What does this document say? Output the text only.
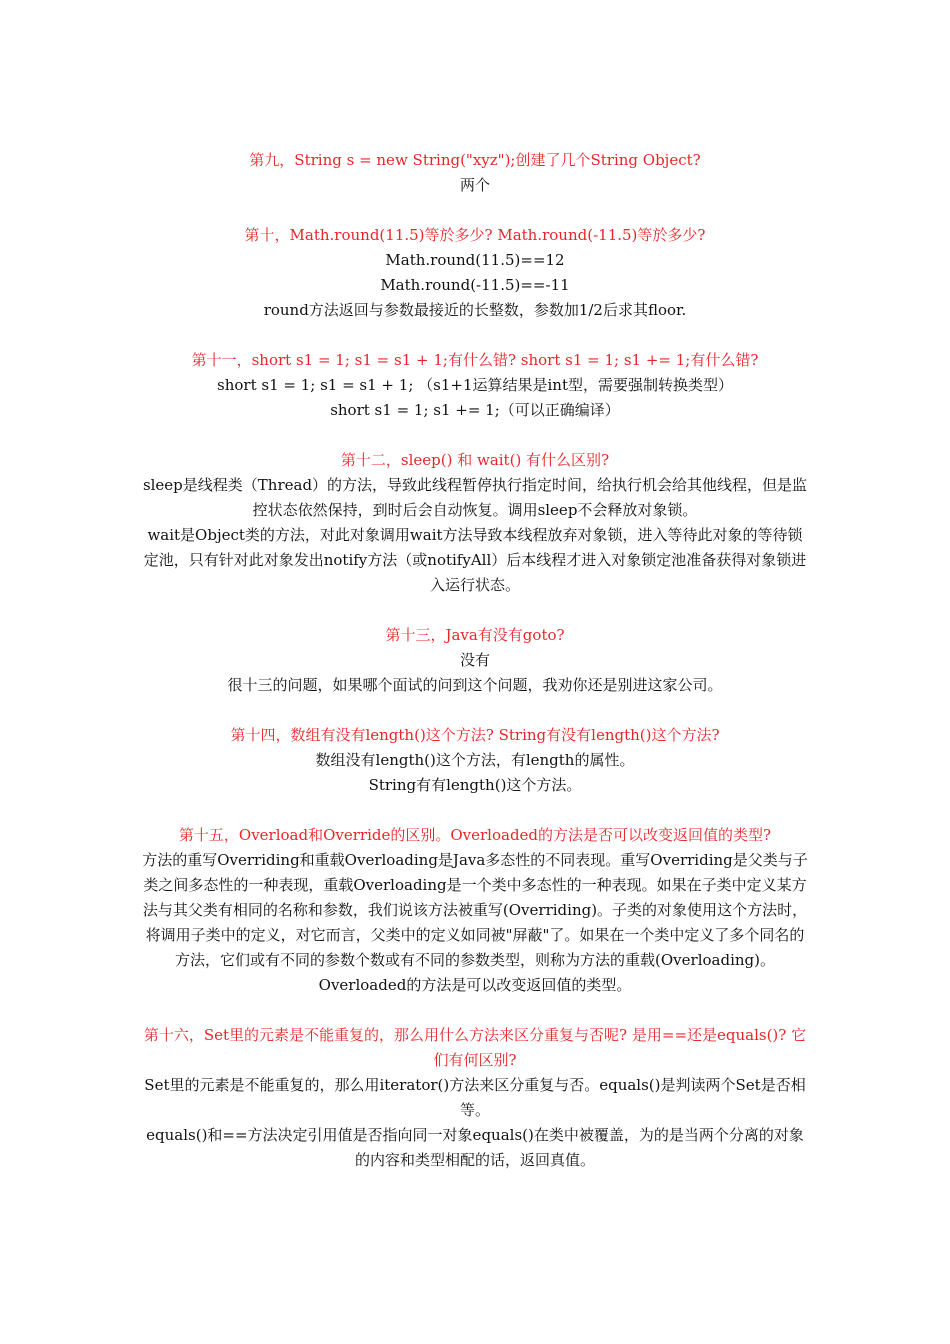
第九，String s = new String("xyz");创建了几个String Object?
两个
第十，Math.round(11.5)等於多少? Math.round(-11.5)等於多少?
Math.round(11.5)==12
Math.round(-11.5)==-11
round方法返回与参数最接近的长整数，参数加1/2后求其floor.
第十一，short s1 = 1; s1 = s1 + 1;有什么错? short s1 = 1; s1 += 1;有什么错?
short s1 = 1; s1 = s1 + 1; （s1+1运算结果是int型，需要强制转换类型）
short s1 = 1; s1 += 1;（可以正确编译）
第十二，sleep() 和 wait() 有什么区别?
sleep是线程类（Thread）的方法，导致此线程暂停执行指定时间，给执行机会给其他线程，但是监控状态依然保持，到时后会自动恢复。调用sleep不会释放对象锁。
wait是Object类的方法，对此对象调用wait方法导致本线程放弃对象锁，进入等待此对象的等待锁定池，只有针对此对象发出notify方法（或notifyAll）后本线程才进入对象锁定池准备获得对象锁进入运行状态。
第十三，Java有没有goto?
没有
很十三的问题，如果哪个面试的问到这个问题，我劝你还是别进这家公司。
第十四，数组有没有length()这个方法? String有没有length()这个方法?
数组没有length()这个方法，有length的属性。
String有有length()这个方法。
第十五，Overload和Override的区别。Overloaded的方法是否可以改变返回值的类型?
方法的重写Overriding和重载Overloading是Java多态性的不同表现。重写Overriding是父类与子类之间多态性的一种表现，重载Overloading是一个类中多态性的一种表现。如果在子类中定义某方法与其父类有相同的名称和参数，我们说该方法被重写(Overriding)。子类的对象使用这个方法时，将调用子类中的定义，对它而言，父类中的定义如同被"屏蔽"了。如果在一个类中定义了多个同名的方法，它们或有不同的参数个数或有不同的参数类型，则称为方法的重载(Overloading)。Overloaded的方法是可以改变返回值的类型。
第十六，Set里的元素是不能重复的，那么用什么方法来区分重复与否呢? 是用==还是equals()? 它们有何区别?
Set里的元素是不能重复的，那么用iterator()方法来区分重复与否。equals()是判读两个Set是否相等。
equals()和==方法决定引用值是否指向同一对象equals()在类中被覆盖，为的是当两个分离的对象的内容和类型相配的话，返回真值。
